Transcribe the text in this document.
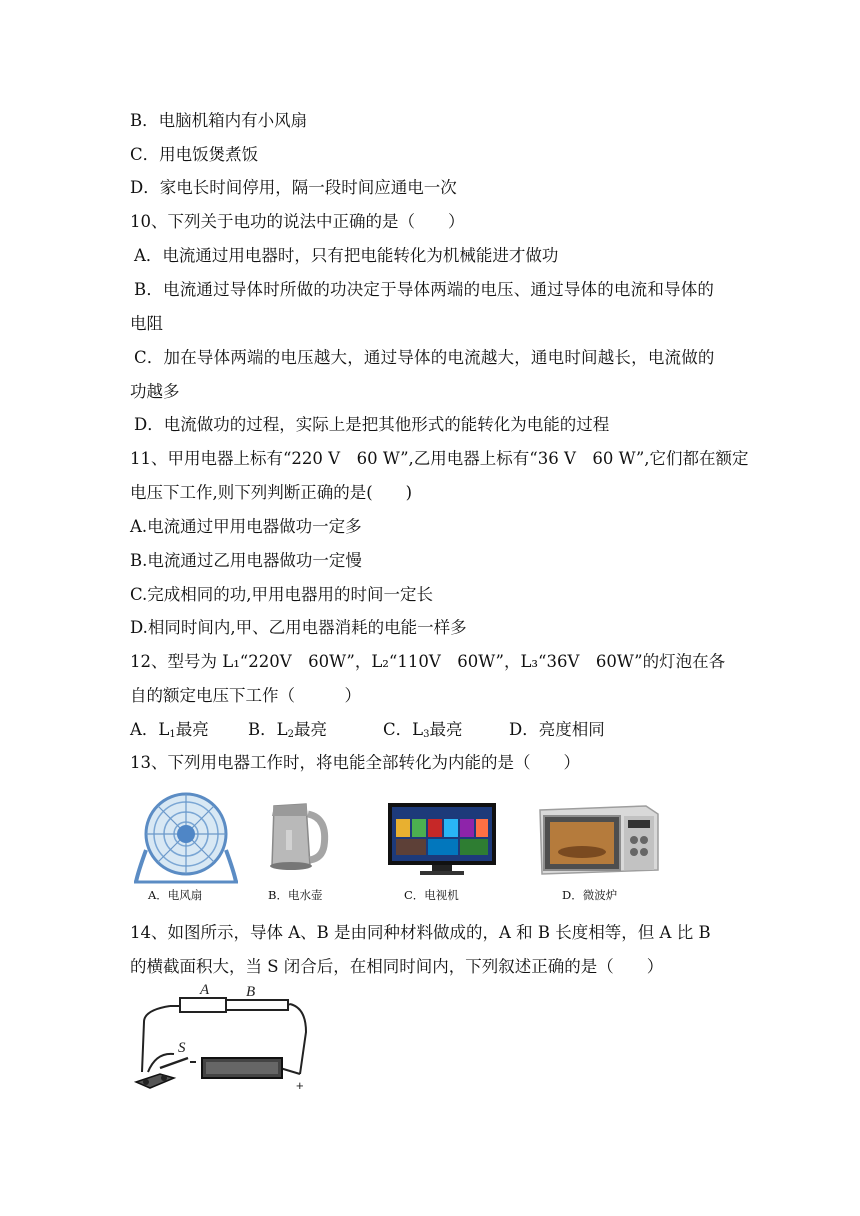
B．电脑机箱内有小风扇
C．用电饭煲煮饭
D．家电长时间停用，隔一段时间应通电一次
10、下列关于电功的说法中正确的是（　　）
A．电流通过用电器时，只有把电能转化为机械能进才做功
B．电流通过导体时所做的功决定于导体两端的电压、通过导体的电流和导体的
电阻
C．加在导体两端的电压越大，通过导体的电流越大，通电时间越长，电流做的
功越多
D．电流做功的过程，实际上是把其他形式的能转化为电能的过程
11、甲用电器上标有“220 V　60 W”,乙用电器上标有“36 V　60 W”,它们都在额定
电压下工作,则下列判断正确的是(　　)
A.电流通过甲用电器做功一定多
B.电流通过乙用电器做功一定慢
C.完成相同的功,甲用电器用的时间一定长
D.相同时间内,甲、乙用电器消耗的电能一样多
12、型号为 L₁“220V　60W”，L₂“110V　60W”，L₃“36V　60W”的灯泡在各
自的额定电压下工作（　　　）
A．$L_1$最亮 B．$L_2$最亮	C．$L_3$最亮	D．亮度相同
13、下列用电器工作时，将电能全部转化为内能的是（　　）
A．电风扇	B．电水壶	C．电视机	D．微波炉
14、如图所示，导体 A、B 是由同种材料做成的，A 和 B 长度相等，但 A 比 B
的横截面积大，当 S 闭合后，在相同时间内，下列叙述正确的是（　　）
A B
S
+
